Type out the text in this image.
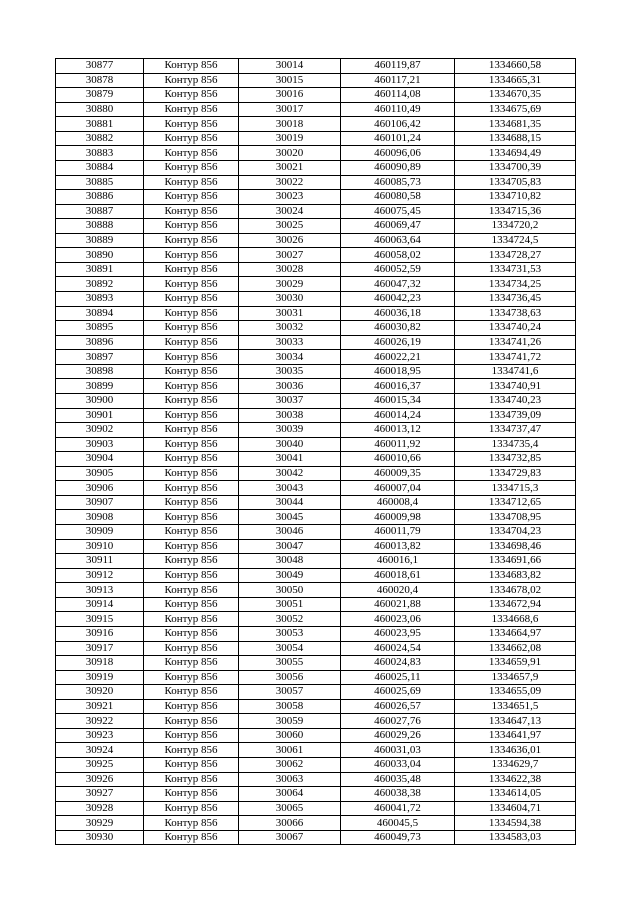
30877	Контур 856	30014	460119,87	1334660,58
30878	Контур 856	30015	460117,21	1334665,31
30879	Контур 856	30016	460114,08	1334670,35
30880	Контур 856	30017	460110,49	1334675,69
30881	Контур 856	30018	460106,42	1334681,35
30882	Контур 856	30019	460101,24	1334688,15
30883	Контур 856	30020	460096,06	1334694,49
30884	Контур 856	30021	460090,89	1334700,39
30885	Контур 856	30022	460085,73	1334705,83
30886	Контур 856	30023	460080,58	1334710,82
30887	Контур 856	30024	460075,45	1334715,36
30888	Контур 856	30025	460069,47	1334720,2
30889	Контур 856	30026	460063,64	1334724,5
30890	Контур 856	30027	460058,02	1334728,27
30891	Контур 856	30028	460052,59	1334731,53
30892	Контур 856	30029	460047,32	1334734,25
30893	Контур 856	30030	460042,23	1334736,45
30894	Контур 856	30031	460036,18	1334738,63
30895	Контур 856	30032	460030,82	1334740,24
30896	Контур 856	30033	460026,19	1334741,26
30897	Контур 856	30034	460022,21	1334741,72
30898	Контур 856	30035	460018,95	1334741,6
30899	Контур 856	30036	460016,37	1334740,91
30900	Контур 856	30037	460015,34	1334740,23
30901	Контур 856	30038	460014,24	1334739,09
30902	Контур 856	30039	460013,12	1334737,47
30903	Контур 856	30040	460011,92	1334735,4
30904	Контур 856	30041	460010,66	1334732,85
30905	Контур 856	30042	460009,35	1334729,83
30906	Контур 856	30043	460007,04	1334715,3
30907	Контур 856	30044	460008,4	1334712,65
30908	Контур 856	30045	460009,98	1334708,95
30909	Контур 856	30046	460011,79	1334704,23
30910	Контур 856	30047	460013,82	1334698,46
30911	Контур 856	30048	460016,1	1334691,66
30912	Контур 856	30049	460018,61	1334683,82
30913	Контур 856	30050	460020,4	1334678,02
30914	Контур 856	30051	460021,88	1334672,94
30915	Контур 856	30052	460023,06	1334668,6
30916	Контур 856	30053	460023,95	1334664,97
30917	Контур 856	30054	460024,54	1334662,08
30918	Контур 856	30055	460024,83	1334659,91
30919	Контур 856	30056	460025,11	1334657,9
30920	Контур 856	30057	460025,69	1334655,09
30921	Контур 856	30058	460026,57	1334651,5
30922	Контур 856	30059	460027,76	1334647,13
30923	Контур 856	30060	460029,26	1334641,97
30924	Контур 856	30061	460031,03	1334636,01
30925	Контур 856	30062	460033,04	1334629,7
30926	Контур 856	30063	460035,48	1334622,38
30927	Контур 856	30064	460038,38	1334614,05
30928	Контур 856	30065	460041,72	1334604,71
30929	Контур 856	30066	460045,5	1334594,38
30930	Контур 856	30067	460049,73	1334583,03
